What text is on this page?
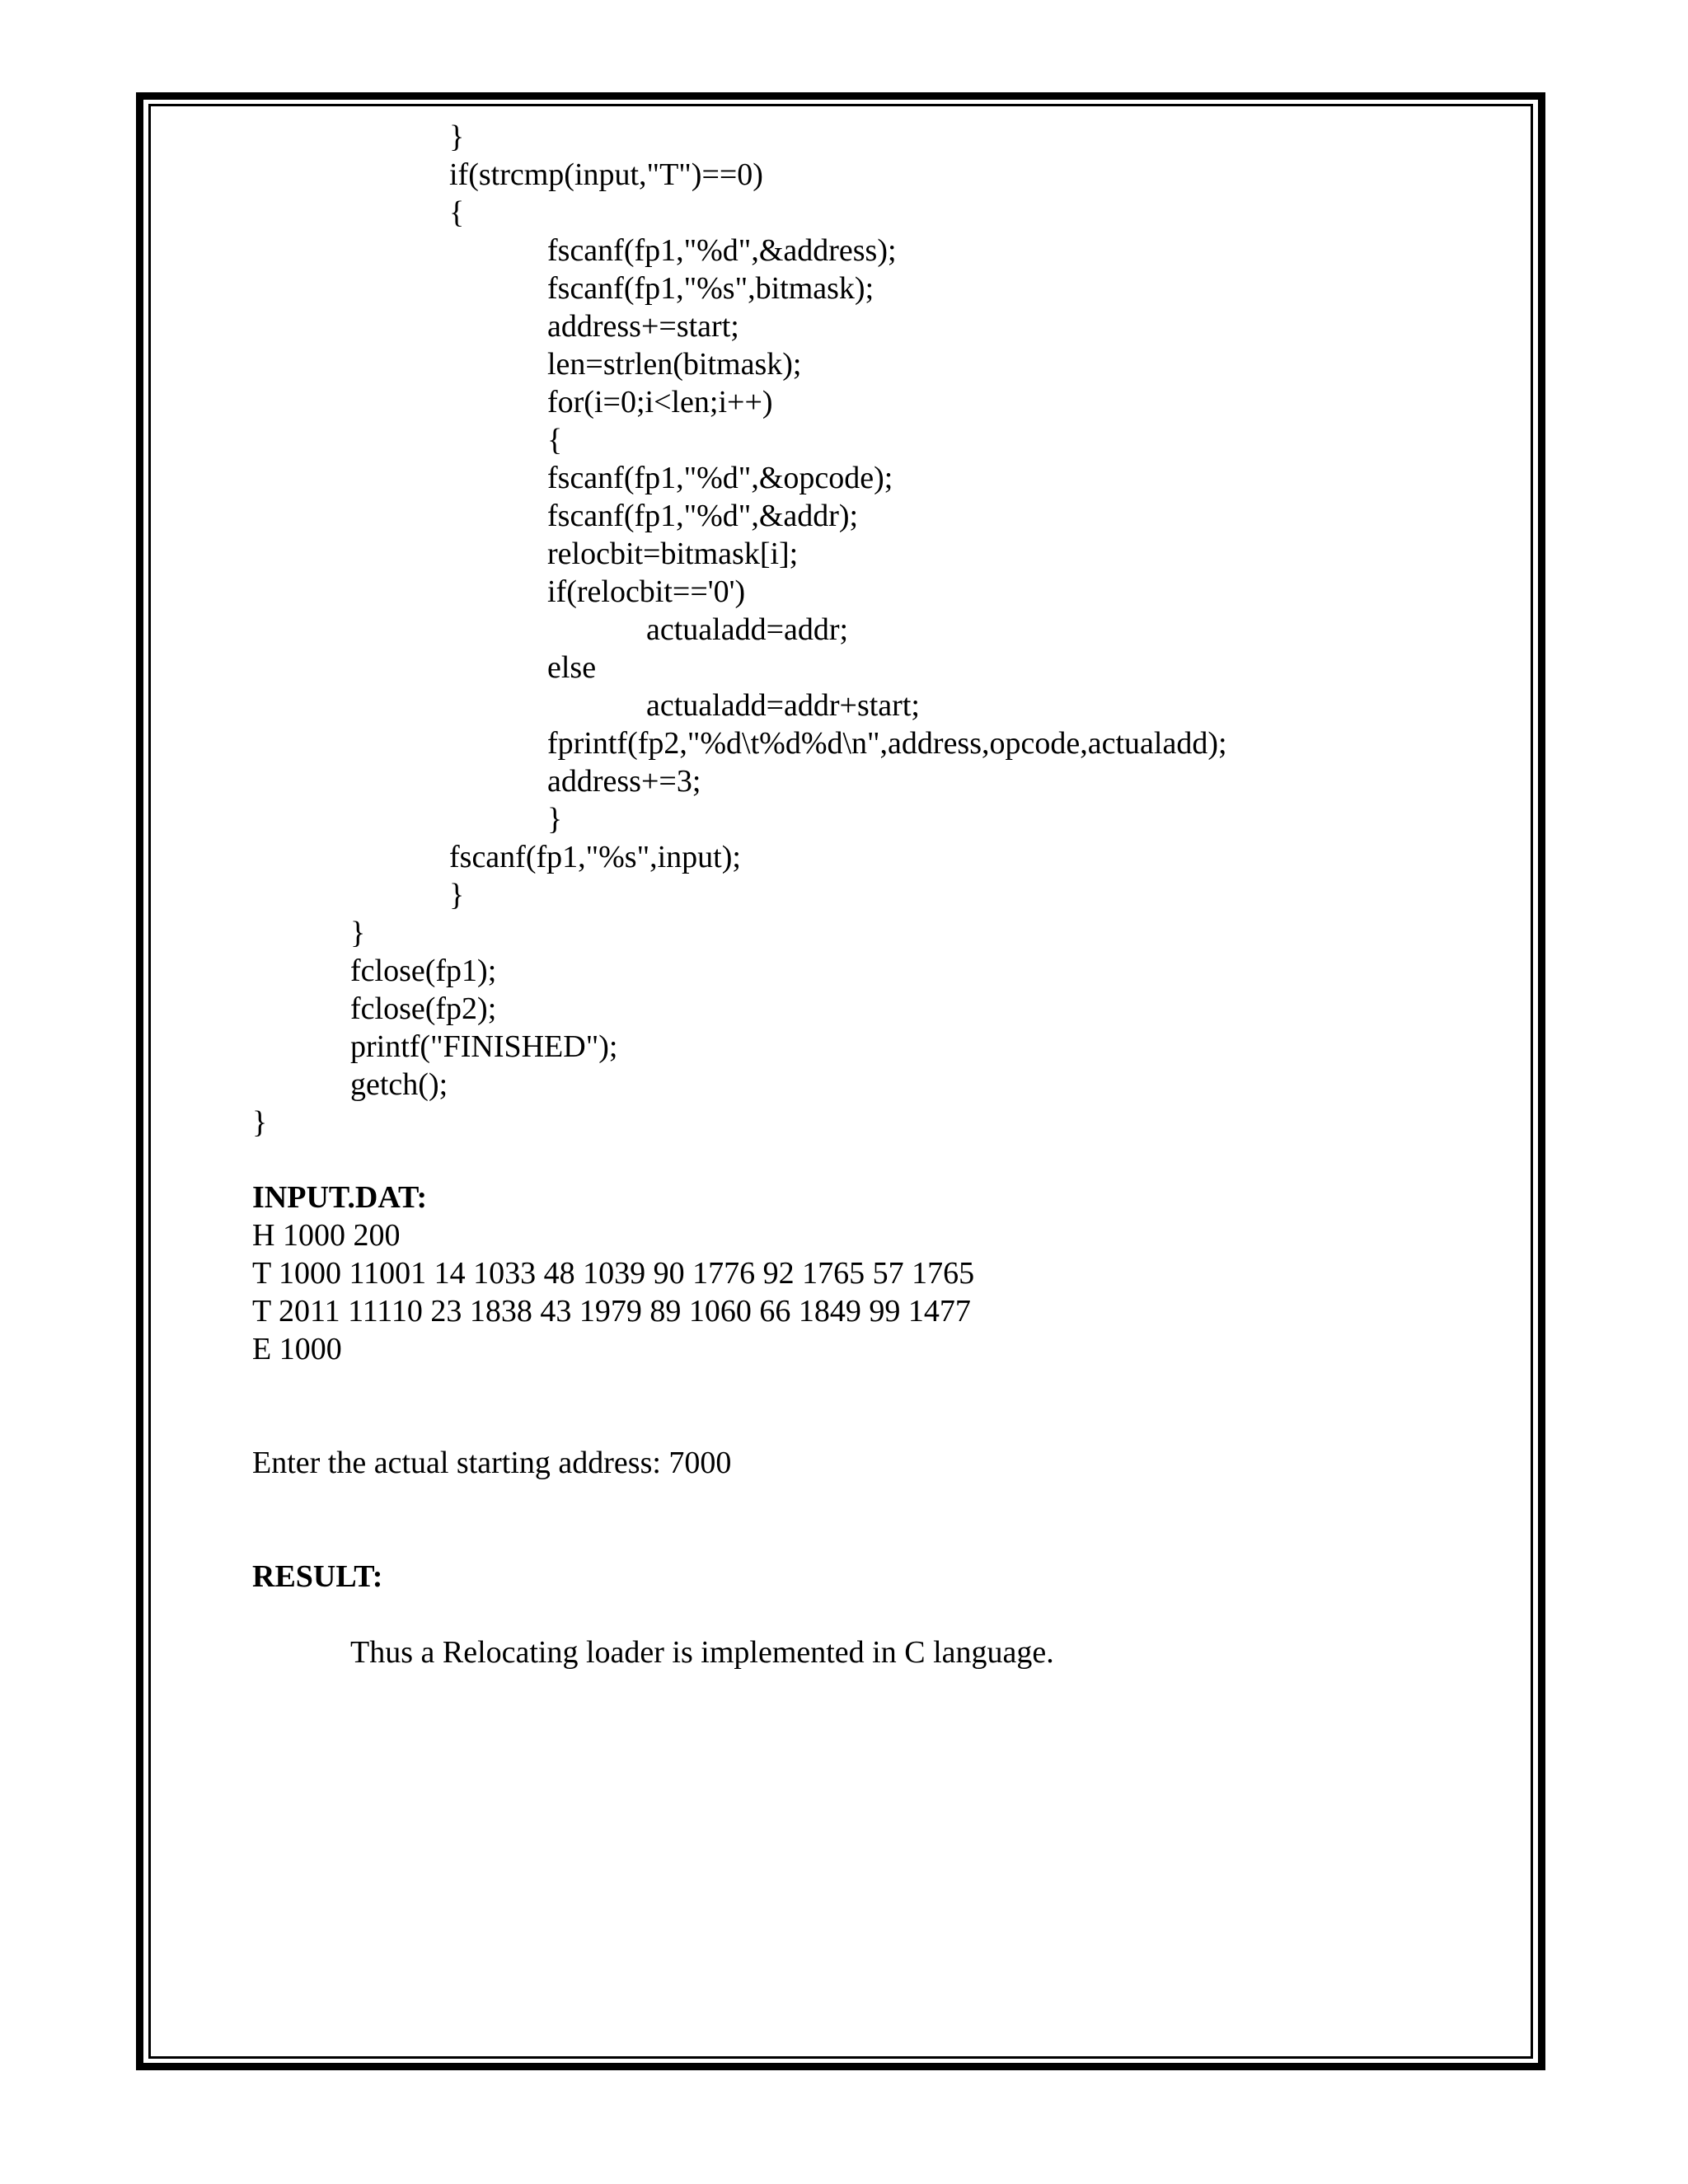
}
if(strcmp(input,"T")==0)
{
fscanf(fp1,"%d",&address);
fscanf(fp1,"%s",bitmask);
address+=start;
len=strlen(bitmask);
for(i=0;i<len;i++)
{
fscanf(fp1,"%d",&opcode);
fscanf(fp1,"%d",&addr);
relocbit=bitmask[i];
if(relocbit=='0')
actualadd=addr;
else
actualadd=addr+start;
fprintf(fp2,"%d\t%d%d\n",address,opcode,actualadd);
address+=3;
}
fscanf(fp1,"%s",input);
}
}
fclose(fp1);
fclose(fp2);
printf("FINISHED");
getch();
}
INPUT.DAT:
H 1000 200
T 1000 11001 14 1033 48 1039 90 1776 92 1765 57 1765
T 2011 11110 23 1838 43 1979 89 1060 66 1849 99 1477
E 1000
Enter the actual starting address: 7000
RESULT:
Thus a Relocating loader is implemented in C language.
